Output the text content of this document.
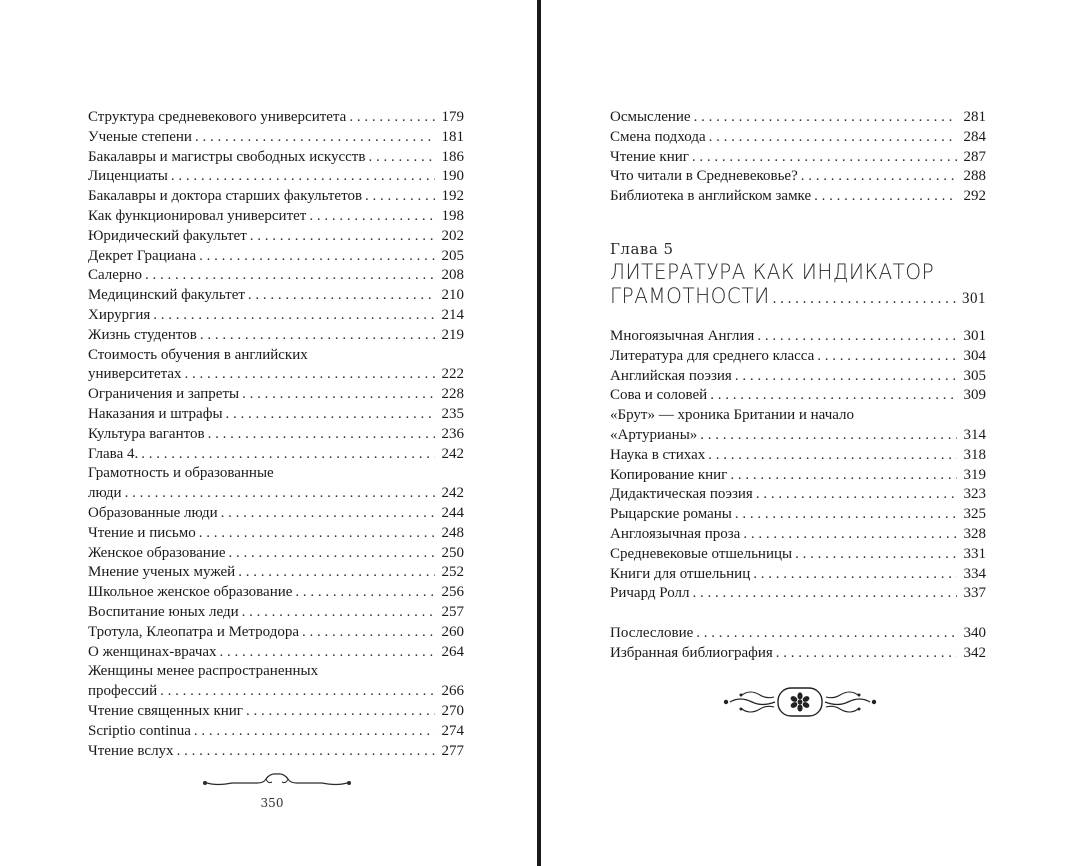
Структура средневекового университета . . .	179
Ученые степени . . .	181
Бакалавры и магистры свободных искусств . . .	186
Лиценциаты . . .	190
Бакалавры и доктора старших факультетов . . .	192
Как функционировал университет . . .	198
Юридический факультет . . .	202
Декрет Грациана . . .	205
Салерно . . .	208
Медицинский факультет . . .	210
Хирургия . . .	214
Жизнь студентов . . .	219
Стоимость обучения в английских
университетах . . .	222
Ограничения и запреты . . .	228
Наказания и штрафы . . .	235
Культура вагантов . . .	236
Глава 4. . . .	242
Грамотность и образованные
люди . . .	242
Образованные люди . . .	244
Чтение и письмо . . .	248
Женское образование . . .	250
Мнение ученых мужей . . .	252
Школьное женское образование . . .	256
Воспитание юных леди . . .	257
Тротула, Клеопатра и Метродора . . .	260
О женщинах-врачах . . .	264
Женщины менее распространенных
профессий . . .	266
Чтение священных книг . . .	270
Scriptio continua . . .	274
Чтение вслух . . .	277
350
Осмысление . . .	281
Смена подхода . . .	284
Чтение книг . . .	287
Что читали в Средневековье? . . .	288
Библиотека в английском замке . . .	292
Глава 5
ЛИТЕРАТУРА КАК ИНДИКАТОР
ГРАМОТНОСТИ . . .	301
Многоязычная Англия . . .	301
Литература для среднего класса . . .	304
Английская поэзия . . .	305
Сова и соловей . . .	309
«Брут» — хроника Британии и начало
«Артурианы» . . .	314
Наука в стихах . . .	318
Копирование книг . . .	319
Дидактическая поэзия . . .	323
Рыцарские романы . . .	325
Англоязычная проза . . .	328
Средневековые отшельницы . . .	331
Книги для отшельниц . . .	334
Ричард Ролл . . .	337
Послесловие . . .	340
Избранная библиография . . .	342
